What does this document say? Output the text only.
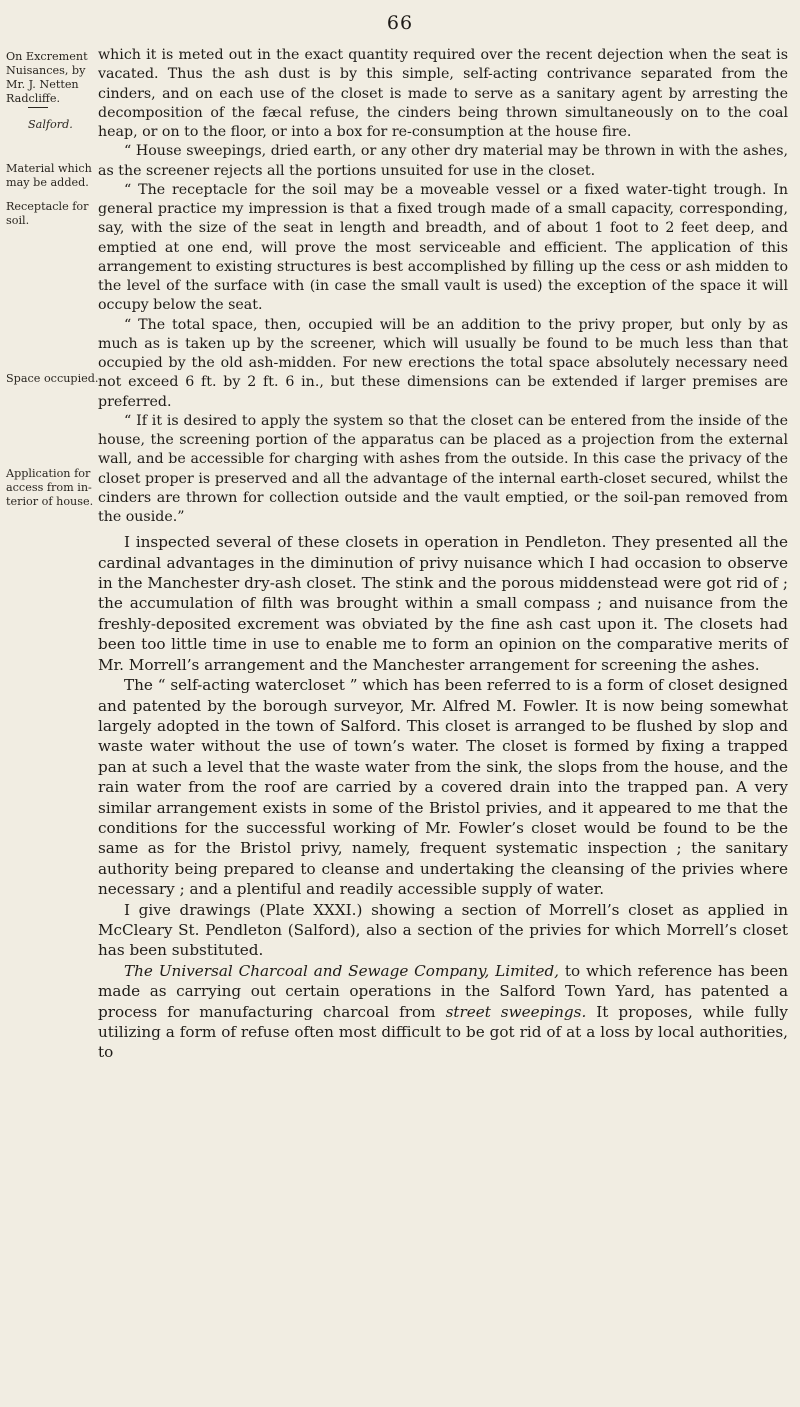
66
On Excrement
Nuisances, by
Mr. J. Netten
Radcliffe.
Salford.
Material which
may be added.
Receptacle for
soil.
Space occupied.
Application for
access from in-
terior of house.

which it is meted out in the exact quantity required over the recent dejection when the seat is vacated. Thus the ash dust is by this simple, self-acting contrivance separated from the cinders, and on each use of the closet is made to serve as a sanitary agent by arresting the decomposition of the fæcal refuse, the cinders being thrown simultaneously on to the coal heap, or on to the floor, or into a box for re-consumption at the house fire.

“ House sweepings, dried earth, or any other dry material may be thrown in with the ashes, as the screener rejects all the portions unsuited for use in the closet.

“ The receptacle for the soil may be a moveable vessel or a fixed water-tight trough. In general practice my impression is that a fixed trough made of a small capacity, corresponding, say, with the size of the seat in length and breadth, and of about 1 foot to 2 feet deep, and emptied at one end, will prove the most serviceable and efficient. The application of this arrangement to existing structures is best accomplished by filling up the cess or ash midden to the level of the surface with (in case the small vault is used) the exception of the space it will occupy below the seat.

“ The total space, then, occupied will be an addition to the privy proper, but only by as much as is taken up by the screener, which will usually be found to be much less than that occupied by the old ash-midden. For new erections the total space absolutely necessary need not exceed 6 ft. by 2 ft. 6 in., but these dimensions can be extended if larger premises are preferred.

“ If it is desired to apply the system so that the closet can be entered from the inside of the house, the screening portion of the apparatus can be placed as a projection from the external wall, and be accessible for charging with ashes from the outside. In this case the privacy of the closet proper is preserved and all the advantage of the internal earth-closet secured, whilst the cinders are thrown for collection outside and the vault emptied, or the soil-pan removed from the ouside.”

I inspected several of these closets in operation in Pendleton. They presented all the cardinal advantages in the diminution of privy nuisance which I had occasion to observe in the Manchester dry-ash closet. The stink and the porous middenstead were got rid of ; the accumulation of filth was brought within a small compass ; and nuisance from the freshly-deposited excrement was obviated by the fine ash cast upon it. The closets had been too little time in use to enable me to form an opinion on the comparative merits of Mr. Morrell’s arrangement and the Manchester arrangement for screening the ashes.

The “ self-acting watercloset ” which has been referred to is a form of closet designed and patented by the borough surveyor, Mr. Alfred M. Fowler. It is now being somewhat largely adopted in the town of Salford. This closet is arranged to be flushed by slop and waste water without the use of town’s water. The closet is formed by fixing a trapped pan at such a level that the waste water from the sink, the slops from the house, and the rain water from the roof are carried by a covered drain into the trapped pan. A very similar arrangement exists in some of the Bristol privies, and it appeared to me that the conditions for the successful working of Mr. Fowler’s closet would be found to be the same as for the Bristol privy, namely, frequent systematic inspection ; the sanitary authority being prepared to cleanse and undertaking the cleansing of the privies where necessary ; and a plentiful and readily accessible supply of water.

I give drawings (Plate XXXI.) showing a section of Morrell’s closet as applied in McCleary St. Pendleton (Salford), also a section of the privies for which Morrell’s closet has been substituted.

The Universal Charcoal and Sewage Company, Limited, to which reference has been made as carrying out certain operations in the Salford Town Yard, has patented a process for manufacturing charcoal from street sweepings. It proposes, while fully utilizing a form of refuse often most difficult to be got rid of at a loss by local authorities, to
